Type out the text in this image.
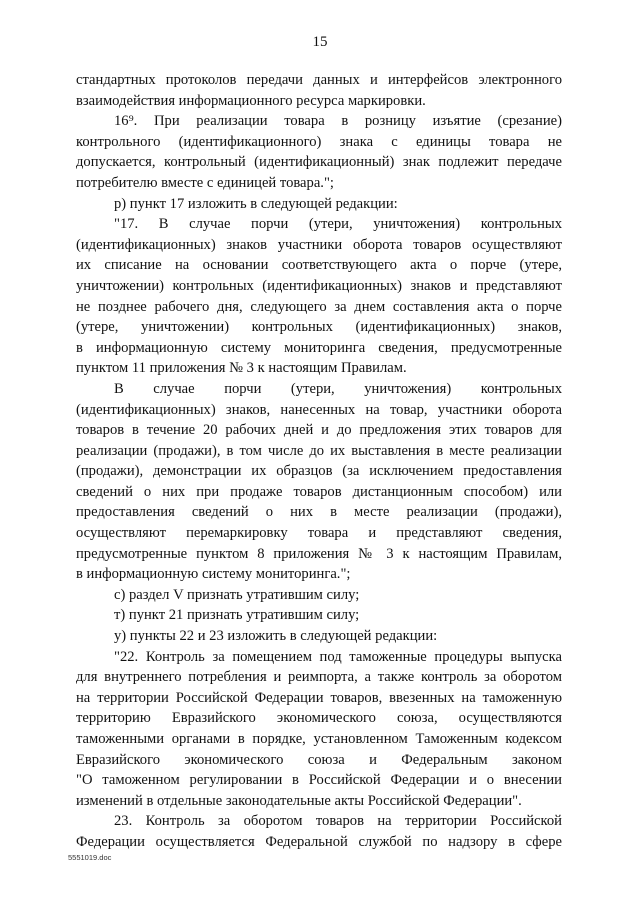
15
стандартных протоколов передачи данных и интерфейсов электронного
взаимодействия информационного ресурса маркировки.
16⁹. При реализации товара в розницу изъятие (срезание)
контрольного (идентификационного) знака с единицы товара не
допускается, контрольный (идентификационный) знак подлежит передаче
потребителю вместе с единицей товара.";
р) пункт 17 изложить в следующей редакции:
"17. В случае порчи (утери, уничтожения) контрольных
(идентификационных) знаков участники оборота товаров осуществляют
их списание на основании соответствующего акта о порче (утере,
уничтожении) контрольных (идентификационных) знаков и представляют
не позднее рабочего дня, следующего за днем составления акта о порче
(утере, уничтожении) контрольных (идентификационных) знаков,
в информационную систему мониторинга сведения, предусмотренные
пунктом 11 приложения № 3 к настоящим Правилам.
В случае порчи (утери, уничтожения) контрольных
(идентификационных) знаков, нанесенных на товар, участники оборота
товаров в течение 20 рабочих дней и до предложения этих товаров для
реализации (продажи), в том числе до их выставления в месте реализации
(продажи), демонстрации их образцов (за исключением предоставления
сведений о них при продаже товаров дистанционным способом) или
предоставления сведений о них в месте реализации (продажи),
осуществляют перемаркировку товара и представляют сведения,
предусмотренные пунктом 8 приложения № 3 к настоящим Правилам,
в информационную систему мониторинга.";
с) раздел V признать утратившим силу;
т) пункт 21 признать утратившим силу;
у) пункты 22 и 23 изложить в следующей редакции:
"22. Контроль за помещением под таможенные процедуры выпуска
для внутреннего потребления и реимпорта, а также контроль за оборотом
на территории Российской Федерации товаров, ввезенных на таможенную
территорию Евразийского экономического союза, осуществляются
таможенными органами в порядке, установленном Таможенным кодексом
Евразийского экономического союза и Федеральным законом
"О таможенном регулировании в Российской Федерации и о внесении
изменений в отдельные законодательные акты Российской Федерации".
23. Контроль за оборотом товаров на территории Российской
Федерации осуществляется Федеральной службой по надзору в сфере
5551019.doc
